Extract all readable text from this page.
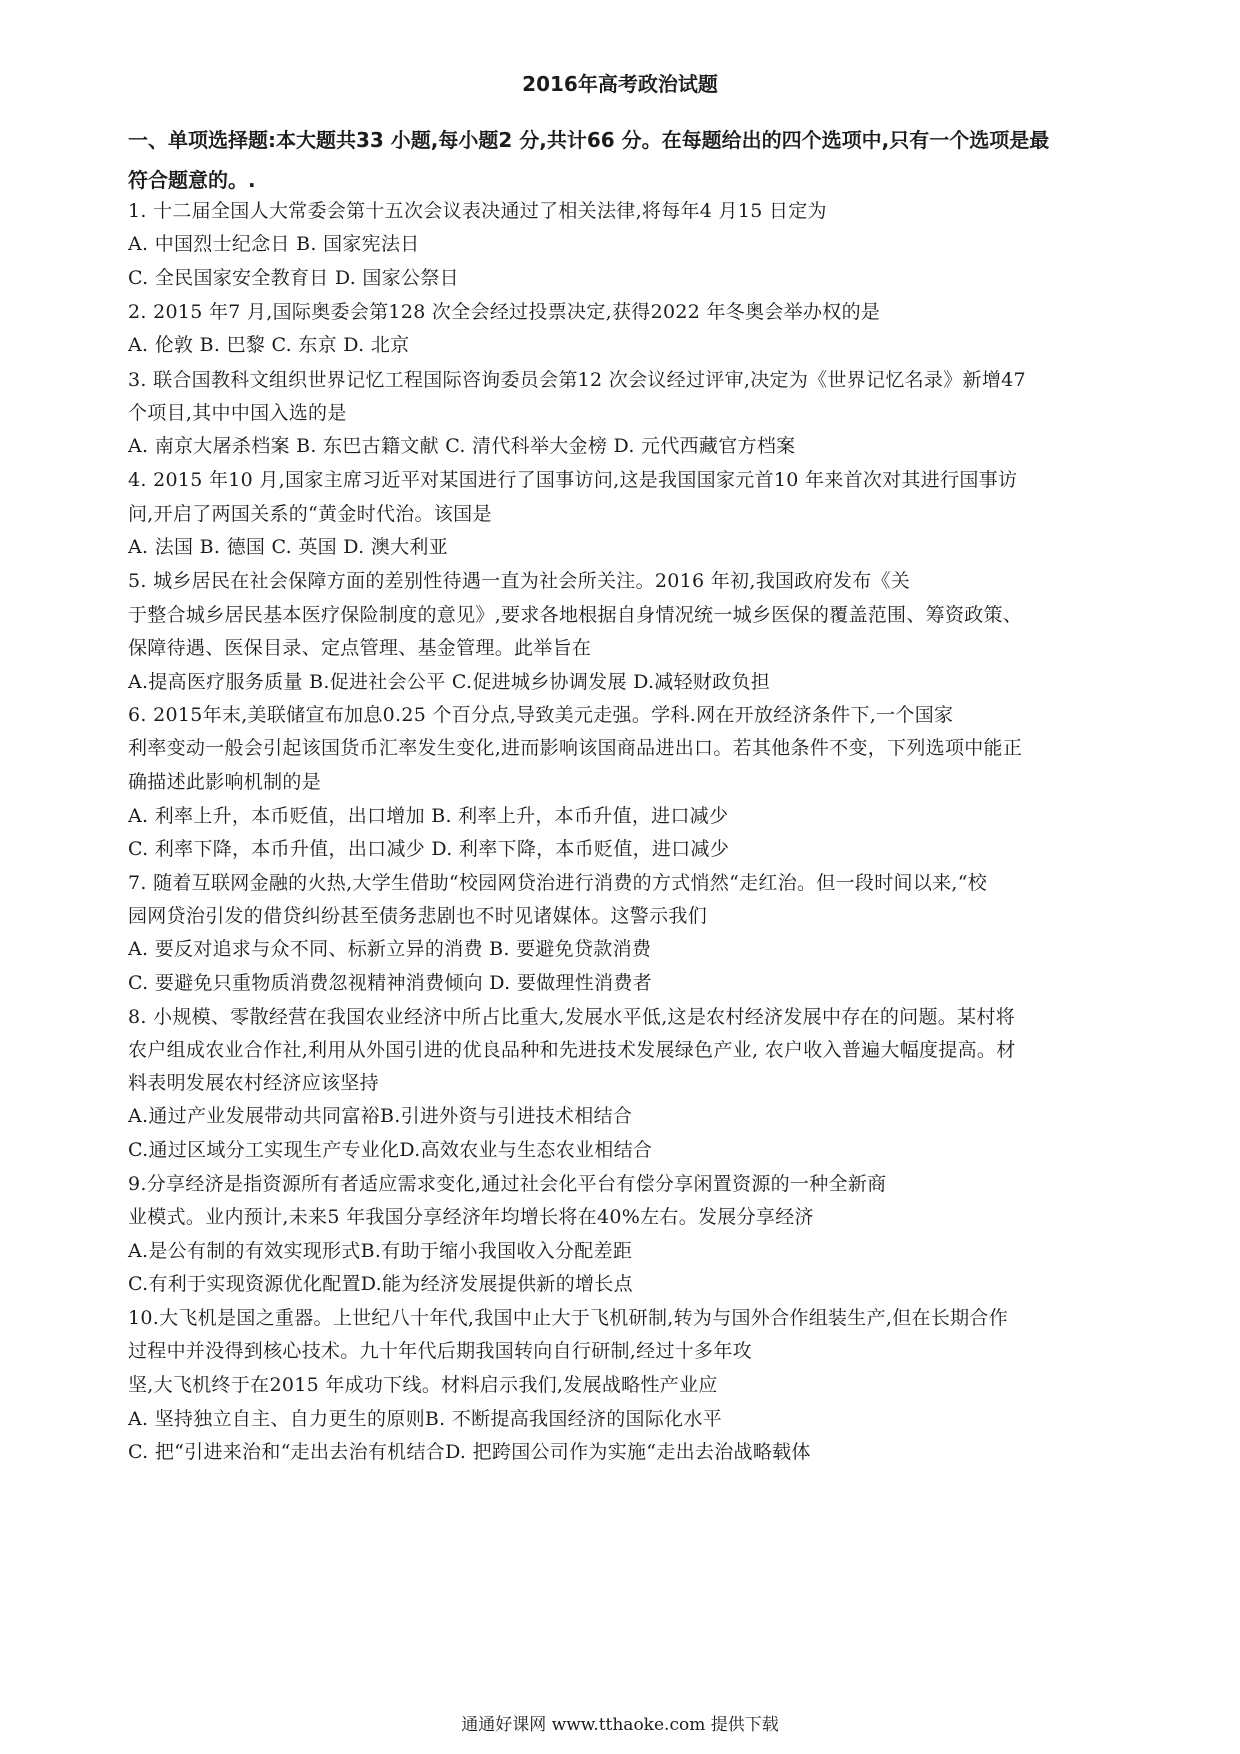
2016年高考政治试题
一、单项选择题:本大题共33 小题,每小题2 分,共计66 分。在每题给出的四个选项中,只有一个选项是最
符合题意的。.
1. 十二届全国人大常委会第十五次会议表决通过了相关法律,将每年4 月15 日定为
A. 中国烈士纪念日 B. 国家宪法日
C. 全民国家安全教育日 D. 国家公祭日
2. 2015 年7 月,国际奥委会第128 次全会经过投票决定,获得2022 年冬奥会举办权的是
A. 伦敦 B. 巴黎 C. 东京 D. 北京
3. 联合国教科文组织世界记忆工程国际咨询委员会第12 次会议经过评审,决定为《世界记忆名录》新增47
个项目,其中中国入选的是
A. 南京大屠杀档案 B. 东巴古籍文献 C. 清代科举大金榜 D. 元代西藏官方档案
4. 2015 年10 月,国家主席习近平对某国进行了国事访问,这是我国国家元首10 年来首次对其进行国事访
问,开启了两国关系的“黄金时代治。该国是
A. 法国 B. 德国 C. 英国 D. 澳大利亚
5. 城乡居民在社会保障方面的差别性待遇一直为社会所关注。2016 年初,我国政府发布《关
于整合城乡居民基本医疗保险制度的意见》,要求各地根据自身情况统一城乡医保的覆盖范围、筹资政策、
保障待遇、医保目录、定点管理、基金管理。此举旨在
A.提高医疗服务质量 B.促进社会公平 C.促进城乡协调发展 D.减轻财政负担
6. 2015年末,美联储宣布加息0.25 个百分点,导致美元走强。学科.网在开放经济条件下,一个国家
利率变动一般会引起该国货币汇率发生变化,进而影响该国商品进出口。若其他条件不变，下列选项中能正
确描述此影响机制的是
A. 利率上升，本币贬值，出口增加 B. 利率上升，本币升值，进口减少
C. 利率下降，本币升值，出口减少 D. 利率下降，本币贬值，进口减少
7. 随着互联网金融的火热,大学生借助“校园网贷治进行消费的方式悄然“走红治。但一段时间以来,“校
园网贷治引发的借贷纠纷甚至债务悲剧也不时见诸媒体。这警示我们
A. 要反对追求与众不同、标新立异的消费 B. 要避免贷款消费
C. 要避免只重物质消费忽视精神消费倾向 D. 要做理性消费者
8. 小规模、零散经营在我国农业经济中所占比重大,发展水平低,这是农村经济发展中存在的问题。某村将
农户组成农业合作社,利用从外国引进的优良品种和先进技术发展绿色产业, 农户收入普遍大幅度提高。材
料表明发展农村经济应该坚持
A.通过产业发展带动共同富裕B.引进外资与引进技术相结合
C.通过区域分工实现生产专业化D.高效农业与生态农业相结合
9.分享经济是指资源所有者适应需求变化,通过社会化平台有偿分享闲置资源的一种全新商
业模式。业内预计,未来5 年我国分享经济年均增长将在40%左右。发展分享经济
A.是公有制的有效实现形式B.有助于缩小我国收入分配差距
C.有利于实现资源优化配置D.能为经济发展提供新的增长点
10.大飞机是国之重器。上世纪八十年代,我国中止大于飞机研制,转为与国外合作组装生产,但在长期合作
过程中并没得到核心技术。九十年代后期我国转向自行研制,经过十多年攻
坚,大飞机终于在2015 年成功下线。材料启示我们,发展战略性产业应
A. 坚持独立自主、自力更生的原则B. 不断提高我国经济的国际化水平
C. 把“引进来治和“走出去治有机结合D. 把跨国公司作为实施“走出去治战略载体
通通好课网 www.tthaoke.com 提供下载
